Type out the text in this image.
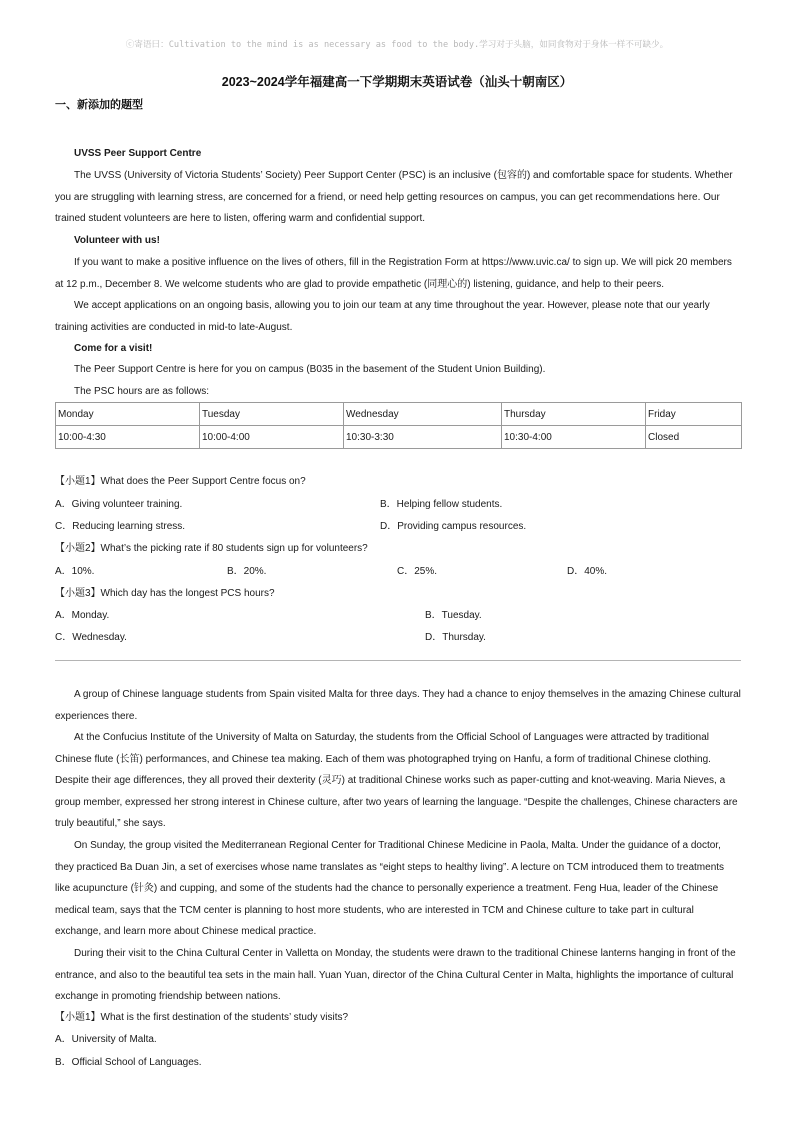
ⓒ寄语曰：Cultivation to the mind is as necessary as food to the body.学习对于头脑，如同食物对于身体一样不可缺少。
2023~2024学年福建高一下学期期末英语试卷（汕头十朝南区）
一、新添加的题型

UVSS Peer Support Centre

The UVSS (University of Victoria Students’ Society) Peer Support Center (PSC) is an inclusive (包容的) and comfortable space for students. Whether you are struggling with learning stress, are concerned for a friend, or need help getting resources on campus, you can get recommendations here. Our trained student volunteers are here to listen, offering warm and confidential support.

Volunteer with us!

If you want to make a positive influence on the lives of others, fill in the Registration Form at https://www.uvic.ca/ to sign up. We will pick 20 members at 12 p.m., December 8. We welcome students who are glad to provide empathetic (同理心的) listening, guidance, and help to their peers.

We accept applications on an ongoing basis, allowing you to join our team at any time throughout the year. However, please note that our yearly training activities are conducted in mid-to late-August.

Come for a visit!

The Peer Support Centre is here for you on campus (B035 in the basement of the Student Union Building).

The PSC hours are as follows:

Monday	Tuesday	Wednesday	Thursday	Friday
10:00-4:30	10:00-4:00	10:30-3:30	10:30-4:00	Closed
【小题1】What does the Peer Support Centre focus on?
A．Giving volunteer training.	B．Helping fellow students.
C．Reducing learning stress.	D．Providing campus resources.
【小题2】What’s the picking rate if 80 students sign up for volunteers?
A．10%.	B．20%.	C．25%.	D．40%.
【小题3】Which day has the longest PCS hours?
A．Monday.	B．Tuesday.
C．Wednesday.	D．Thursday.

A group of Chinese language students from Spain visited Malta for three days. They had a chance to enjoy themselves in the amazing Chinese cultural experiences there.

At the Confucius Institute of the University of Malta on Saturday, the students from the Official School of Languages were attracted by traditional Chinese flute (长笛) performances, and Chinese tea making. Each of them was photographed trying on Hanfu, a form of traditional Chinese clothing. Despite their age differences, they all proved their dexterity (灵巧) at traditional Chinese works such as paper-cutting and knot-weaving. Maria Nieves, a group member, expressed her strong interest in Chinese culture, after two years of learning the language. “Despite the challenges, Chinese characters are truly beautiful,” she says.

On Sunday, the group visited the Mediterranean Regional Center for Traditional Chinese Medicine in Paola, Malta. Under the guidance of a doctor, they practiced Ba Duan Jin, a set of exercises whose name translates as “eight steps to healthy living”. A lecture on TCM introduced them to treatments like acupuncture (针灸) and cupping, and some of the students had the chance to personally experience a treatment. Feng Hua, leader of the Chinese medical team, says that the TCM center is planning to host more students, who are interested in TCM and Chinese culture to take part in cultural exchange, and learn more about Chinese medical practice.

During their visit to the China Cultural Center in Valletta on Monday, the students were drawn to the traditional Chinese lanterns hanging in front of the entrance, and also to the beautiful tea sets in the main hall. Yuan Yuan, director of the China Cultural Center in Malta, highlights the importance of cultural exchange in promoting friendship between nations.

【小题1】What is the first destination of the students’ study visits?
A．University of Malta.
B．Official School of Languages.
